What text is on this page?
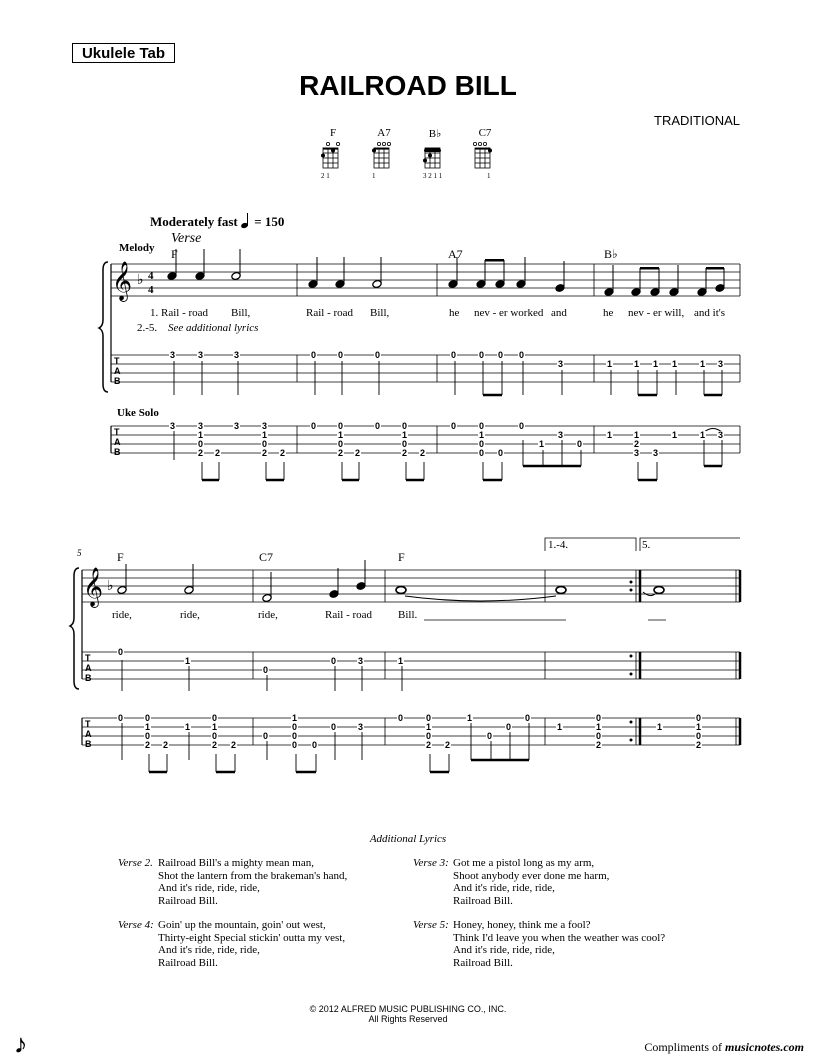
Ukulele Tab
RAILROAD BILL
TRADITIONAL
F	A7	B♭	C7
2 1	1	3 2 1 1	1
Moderately fast = 150
Verse
Melody F	A7	B♭
𝄞 ♭ 4
4
T
A
B
T
A
B
Uke Solo
1. Rail - road Bill,	Rail - road Bill,	he nev - er worked and	he nev - er will, and it's
2.-5. See additional lyrics
5	F	C7	F
1.-4.	5.
𝄞 ♭
T
A
B
T
A
B
ride,	ride,	ride,	Rail - road Bill.
3	3	3	0 0	0	0	0 0 0
3	1 1 1 1	1 3
3	3
1
0
2 2
3	3
1
0
2 2
0 0
1
0
2 2
0 0
1
0
2 2
0	0
1
0
0 0
0
1
3
0
1 1
2
3 3
1	1 3
0
1
0
0 3	1
0 0
1
0
2 2
1
0
1
0
2 2
0
1
0
0
0 0
0 3
0	0
1
0
2 2
1
0
0
0
1
0
1
0
2
1
0
1
0
2
Additional Lyrics
Verse 2. Railroad Bill's a mighty mean man,
Shot the lantern from the brakeman's hand,
And it's ride, ride, ride,
Railroad Bill.
Verse 3: Got me a pistol long as my arm,
Shoot anybody ever done me harm,
And it's ride, ride, ride,
Railroad Bill.
Verse 4: Goin' up the mountain, goin' out west,
Thirty-eight Special stickin' outta my vest,
And it's ride, ride, ride,
Railroad Bill.
Verse 5: Honey, honey, think me a fool?
Think I'd leave you when the weather was cool?
And it's ride, ride, ride,
Railroad Bill.
© 2012 ALFRED MUSIC PUBLISHING CO., INC.
All Rights Reserved
𝅘𝅥𝅮	Compliments of musicnotes.com
